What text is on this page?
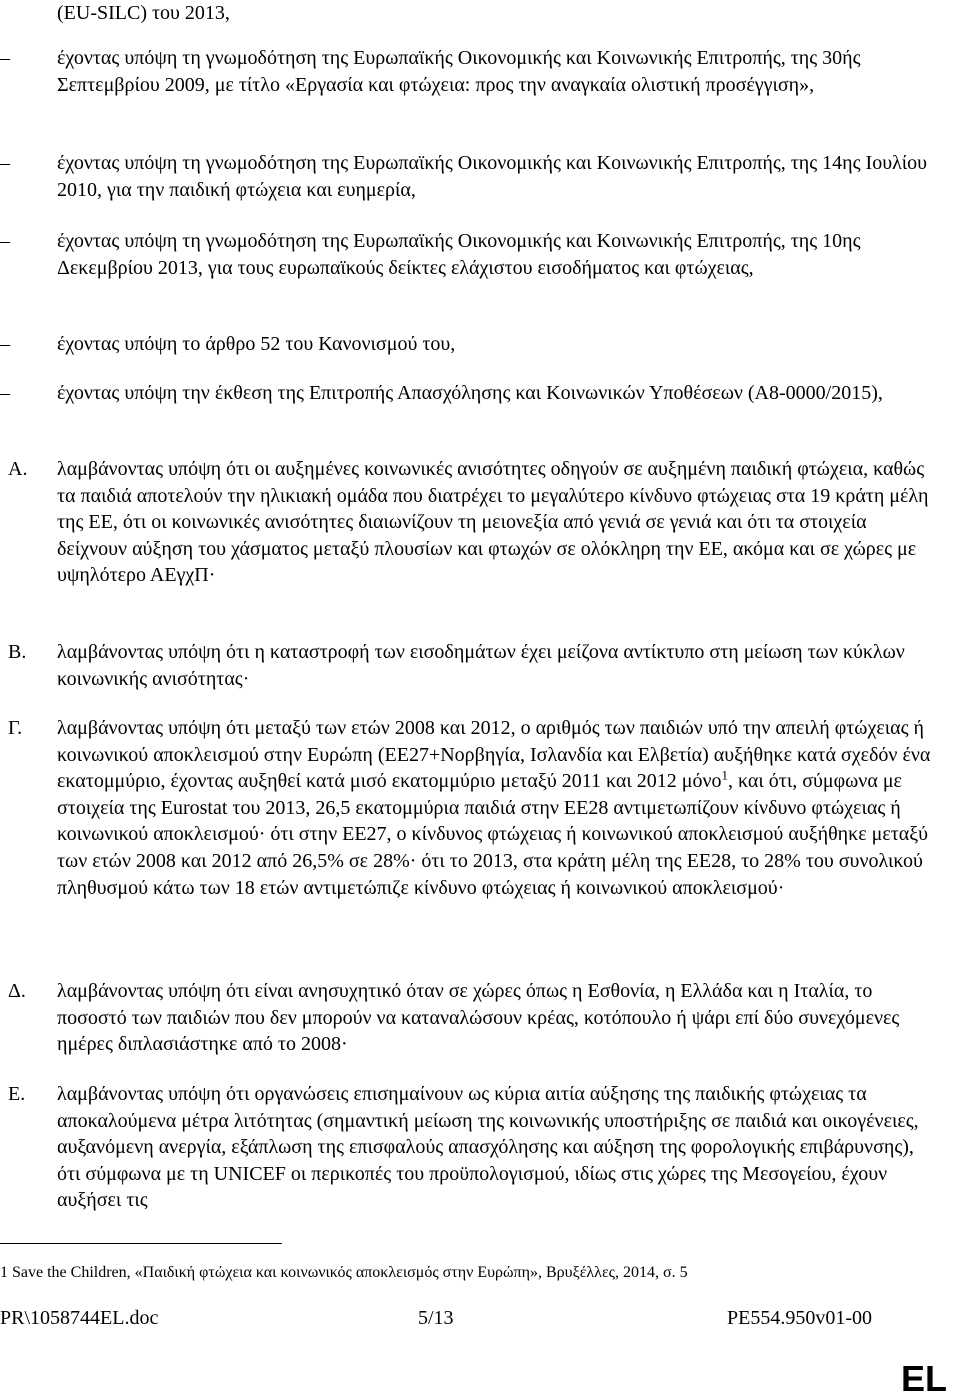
(EU-SILC) του 2013,
– έχοντας υπόψη τη γνωμοδότηση της Ευρωπαϊκής Οικονομικής και Κοινωνικής Επιτροπής, της 30ής Σεπτεμβρίου 2009, με τίτλο «Εργασία και φτώχεια: προς την αναγκαία ολιστική προσέγγιση»,
– έχοντας υπόψη τη γνωμοδότηση της Ευρωπαϊκής Οικονομικής και Κοινωνικής Επιτροπής, της 14ης Ιουλίου 2010, για την παιδική φτώχεια και ευημερία,
– έχοντας υπόψη τη γνωμοδότηση της Ευρωπαϊκής Οικονομικής και Κοινωνικής Επιτροπής, της 10ης Δεκεμβρίου 2013, για τους ευρωπαϊκούς δείκτες ελάχιστου εισοδήματος και φτώχειας,
– έχοντας υπόψη το άρθρο 52 του Κανονισμού του,
– έχοντας υπόψη την έκθεση της Επιτροπής Απασχόλησης και Κοινωνικών Υποθέσεων (A8-0000/2015),
A. λαμβάνοντας υπόψη ότι οι αυξημένες κοινωνικές ανισότητες οδηγούν σε αυξημένη παιδική φτώχεια, καθώς τα παιδιά αποτελούν την ηλικιακή ομάδα που διατρέχει το μεγαλύτερο κίνδυνο φτώχειας στα 19 κράτη μέλη της ΕΕ, ότι οι κοινωνικές ανισότητες διαιωνίζουν τη μειονεξία από γενιά σε γενιά και ότι τα στοιχεία δείχνουν αύξηση του χάσματος μεταξύ πλουσίων και φτωχών σε ολόκληρη την ΕΕ, ακόμα και σε χώρες με υψηλότερο ΑΕγχΠ·
B. λαμβάνοντας υπόψη ότι η καταστροφή των εισοδημάτων έχει μείζονα αντίκτυπο στη μείωση των κύκλων κοινωνικής ανισότητας·
Γ. λαμβάνοντας υπόψη ότι μεταξύ των ετών 2008 και 2012, ο αριθμός των παιδιών υπό την απειλή φτώχειας ή κοινωνικού αποκλεισμού στην Ευρώπη (ΕΕ27+Νορβηγία, Ισλανδία και Ελβετία) αυξήθηκε κατά σχεδόν ένα εκατομμύριο, έχοντας αυξηθεί κατά μισό εκατομμύριο μεταξύ 2011 και 2012 μόνο$^1$, και ότι, σύμφωνα με στοιχεία της Eurostat του 2013, 26,5 εκατομμύρια παιδιά στην ΕΕ28 αντιμετωπίζουν κίνδυνο φτώχειας ή κοινωνικού αποκλεισμού· ότι στην ΕΕ27, ο κίνδυνος φτώχειας ή κοινωνικού αποκλεισμού αυξήθηκε μεταξύ των ετών 2008 και 2012 από 26,5% σε 28%· ότι το 2013, στα κράτη μέλη της ΕΕ28, το 28% του συνολικού πληθυσμού κάτω των 18 ετών αντιμετώπιζε κίνδυνο φτώχειας ή κοινωνικού αποκλεισμού·
Δ. λαμβάνοντας υπόψη ότι είναι ανησυχητικό όταν σε χώρες όπως η Εσθονία, η Ελλάδα και η Ιταλία, το ποσοστό των παιδιών που δεν μπορούν να καταναλώσουν κρέας, κοτόπουλο ή ψάρι επί δύο συνεχόμενες ημέρες διπλασιάστηκε από το 2008·
E. λαμβάνοντας υπόψη ότι οργανώσεις επισημαίνουν ως κύρια αιτία αύξησης της παιδικής φτώχειας τα αποκαλούμενα μέτρα λιτότητας (σημαντική μείωση της κοινωνικής υποστήριξης σε παιδιά και οικογένειες, αυξανόμενη ανεργία, εξάπλωση της επισφαλούς απασχόλησης και αύξηση της φορολογικής επιβάρυνσης), ότι σύμφωνα με τη UNICEF οι περικοπές του προϋπολογισμού, ιδίως στις χώρες της Μεσογείου, έχουν αυξήσει τις
1 Save the Children, «Παιδική φτώχεια και κοινωνικός αποκλεισμός στην Ευρώπη», Βρυξέλλες, 2014, σ. 5
PR\1058744EL.doc	5/13	PE554.950v01-00
EL
